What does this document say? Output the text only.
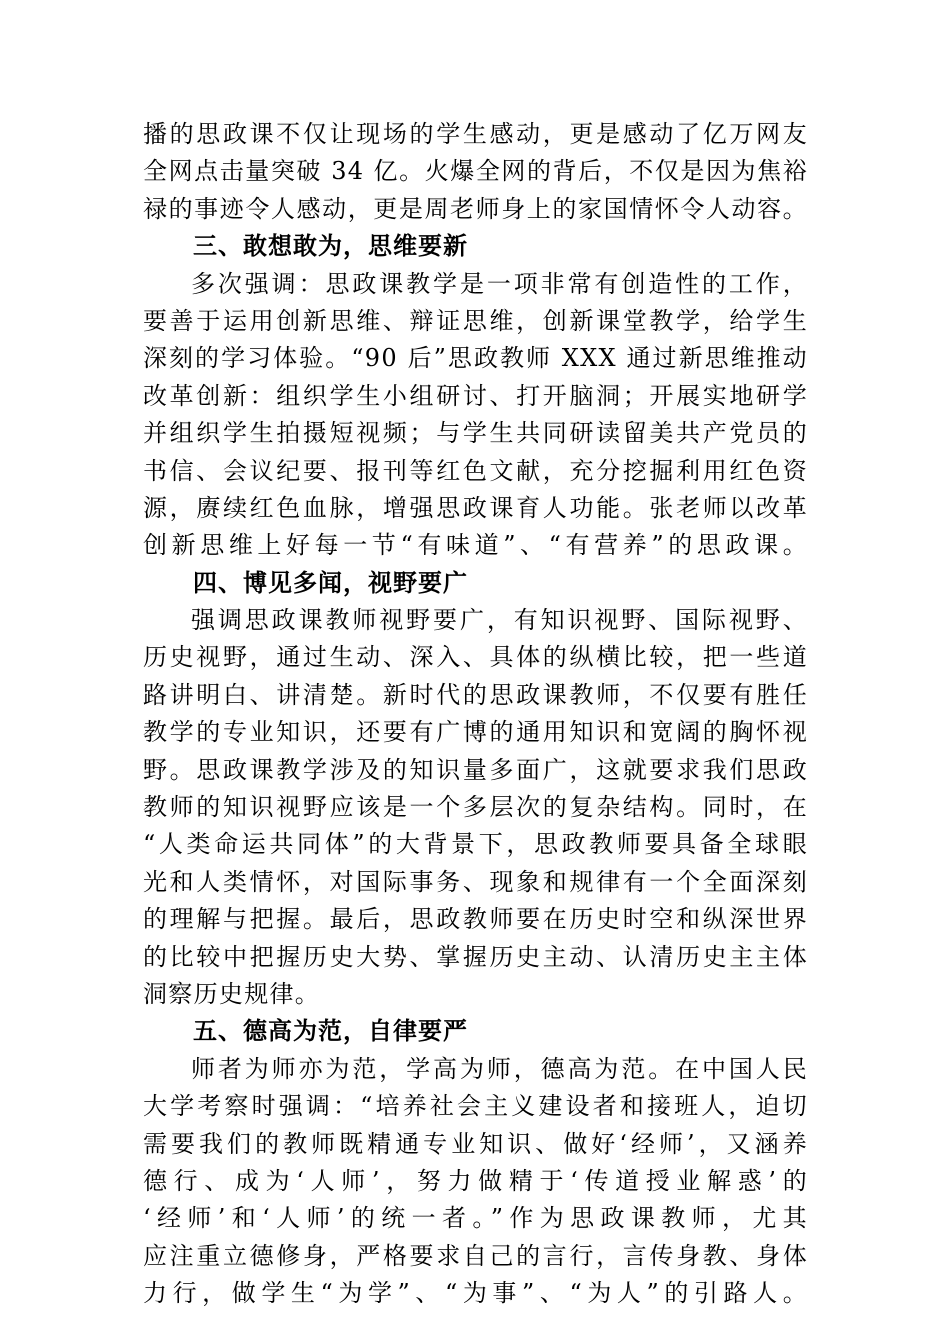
播的思政课不仅让现场的学生感动，更是感动了亿万网友
全网点击量突破 34 亿。火爆全网的背后，不仅是因为焦裕
禄的事迹令人感动，更是周老师身上的家国情怀令人动容。
三、敢想敢为，思维要新
多次强调：思政课教学是一项非常有创造性的工作，
要善于运用创新思维、辩证思维，创新课堂教学，给学生
深刻的学习体验。“90 后”思政教师 XXX 通过新思维推动
改革创新：组织学生小组研讨、打开脑洞；开展实地研学
并组织学生拍摄短视频；与学生共同研读留美共产党员的
书信、会议纪要、报刊等红色文献，充分挖掘利用红色资
源，赓续红色血脉，增强思政课育人功能。张老师以改革
创新思维上好每一节“有味道”、“有营养”的思政课。
四、博见多闻，视野要广
强调思政课教师视野要广，有知识视野、国际视野、
历史视野，通过生动、深入、具体的纵横比较，把一些道
路讲明白、讲清楚。新时代的思政课教师，不仅要有胜任
教学的专业知识，还要有广博的通用知识和宽阔的胸怀视
野。思政课教学涉及的知识量多面广，这就要求我们思政
教师的知识视野应该是一个多层次的复杂结构。同时，在
“人类命运共同体”的大背景下，思政教师要具备全球眼
光和人类情怀，对国际事务、现象和规律有一个全面深刻
的理解与把握。最后，思政教师要在历史时空和纵深世界
的比较中把握历史大势、掌握历史主动、认清历史主主体
洞察历史规律。
五、德高为范，自律要严
师者为师亦为范，学高为师，德高为范。在中国人民
大学考察时强调：“培养社会主义建设者和接班人，迫切
需要我们的教师既精通专业知识、做好‘经师’，又涵养
德行、成为‘人师’，努力做精于‘传道授业解惑’的
‘经师’和‘人师’的统一者。”作为思政课教师，尤其
应注重立德修身，严格要求自己的言行，言传身教、身体
力行，做学生“为学”、“为事”、“为人”的引路人。
